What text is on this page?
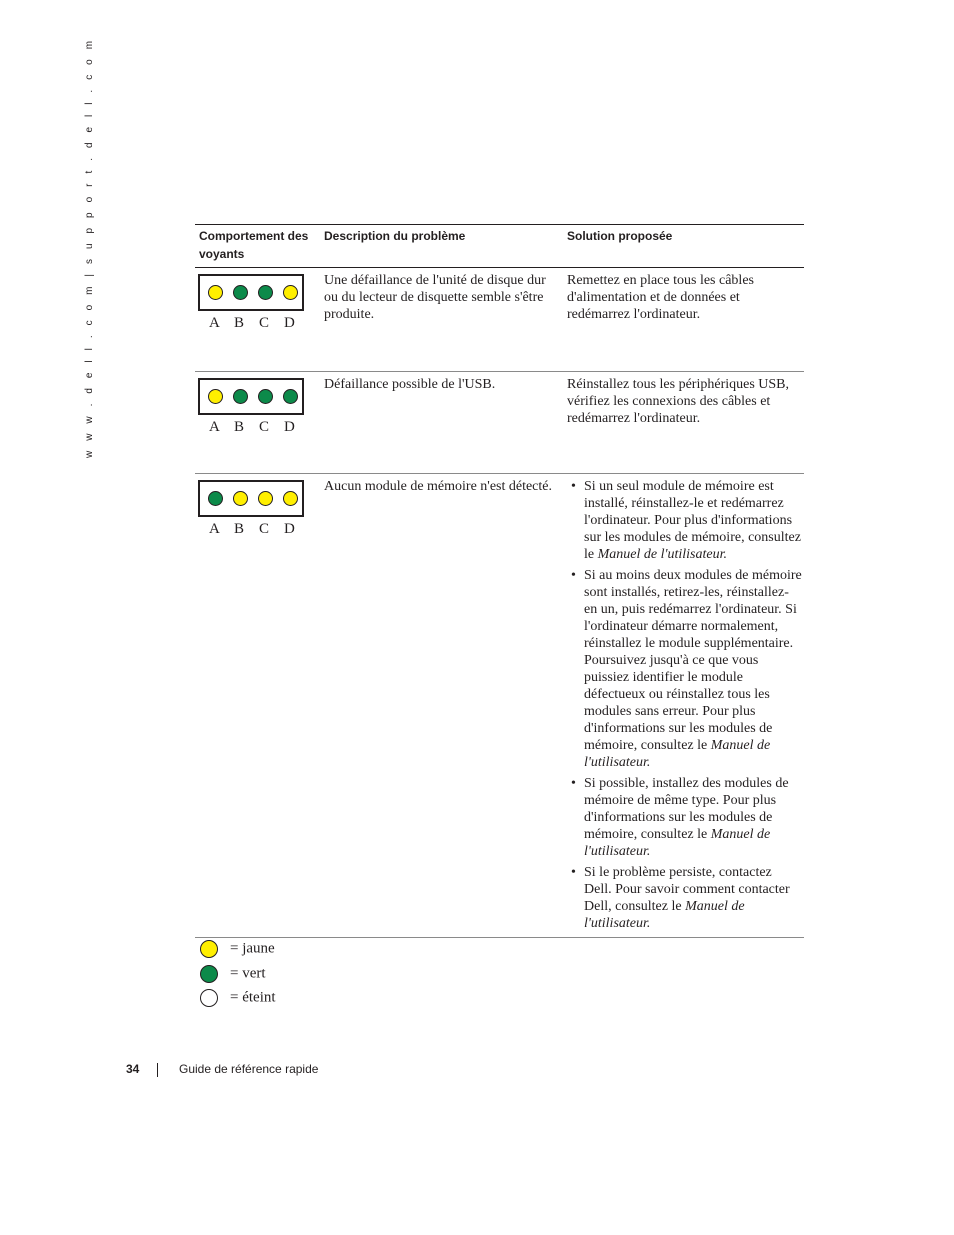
w w w . d e l l . c o m | s u p p o r t . d e l l . c o m	Comportement des voyants
Description du problème	Solution proposée
A B C D
Une défaillance de l'unité de disque dur ou du lecteur de disquette semble s'être produite.
Remettez en place tous les câbles d'alimentation et de données et redémarrez l'ordinateur.
A B C D
Défaillance possible de l'USB.	Réinstallez tous les périphériques USB, vérifiez les connexions des câbles et redémarrez l'ordinateur.
A B C D
Aucun module de mémoire n'est détecté.
•	Si un seul module de mémoire est installé, réinstallez-le et redémarrez l'ordinateur. Pour plus d'informations sur les modules de mémoire, consultez le Manuel de l'utilisateur.
• Si au moins deux modules de mémoire sont installés, retirez-les, réinstallez-en un, puis redémarrez l'ordinateur. Si l'ordinateur démarre normalement, réinstallez le module supplémentaire. Poursuivez jusqu'à ce que vous puissiez identifier le module défectueux ou réinstallez tous les modules sans erreur. Pour plus d'informations sur les modules de mémoire, consultez le Manuel de l'utilisateur.
• Si possible, installez des modules de mémoire de même type. Pour plus d'informations sur les modules de mémoire, consultez le Manuel de l'utilisateur.
• Si le problème persiste, contactez Dell. Pour savoir comment contacter Dell, consultez le Manuel de l'utilisateur.
= jaune
= vert
= éteint
34	Guide de référence rapide
